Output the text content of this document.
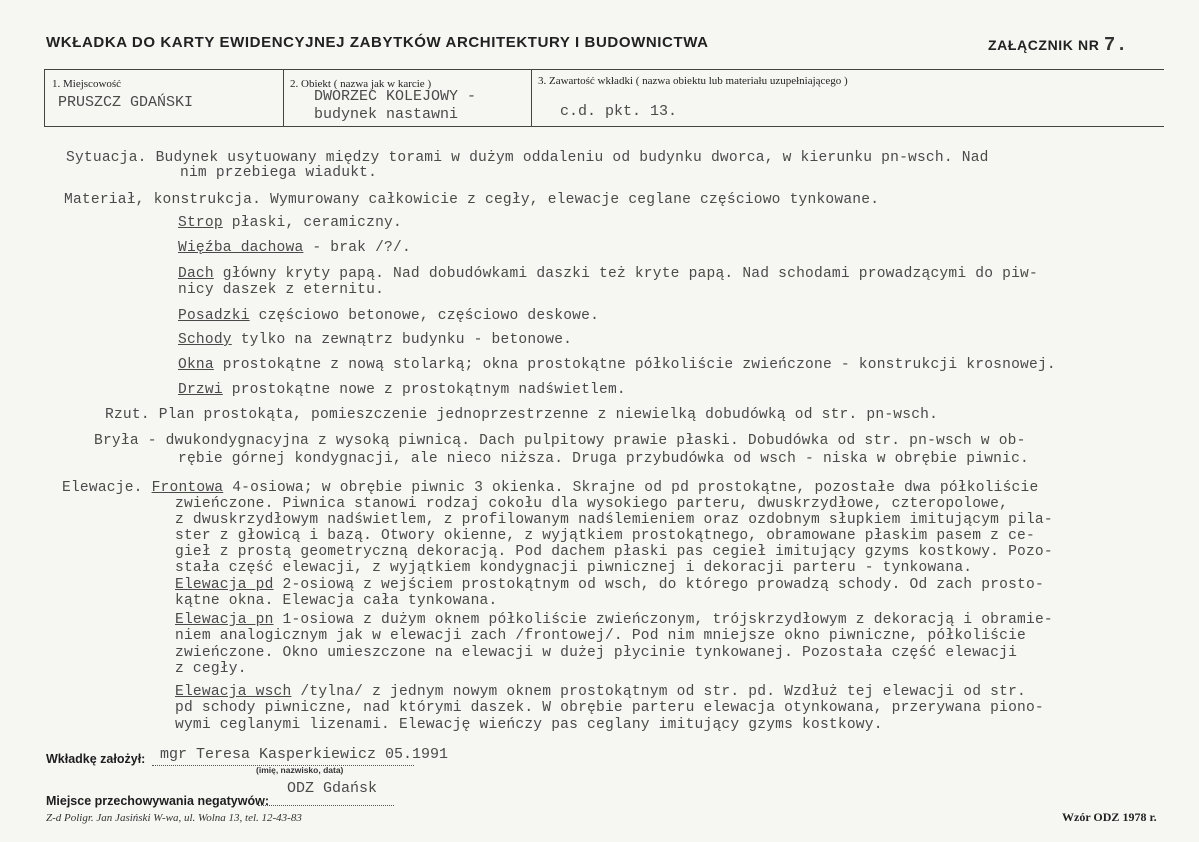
WKŁADKA DO KARTY EWIDENCYJNEJ ZABYTKÓW ARCHITEKTURY I BUDOWNICTWA	ZAŁĄCZNIK NR 7.
1. Miejscowość
PRUSZCZ GDAŃSKI
2. Obiekt ( nazwa jak w karcie )
DWORZEC KOLEJOWY -
budynek nastawni
3. Zawartość wkładki ( nazwa obiektu lub materiału uzupełniającego )
c.d. pkt. 13.
Sytuacja. Budynek usytuowany między torami w dużym oddaleniu od budynku dworca, w kierunku pn-wsch. Nad
nim przebiega wiadukt.
Materiał, konstrukcja. Wymurowany całkowicie z cegły, elewacje ceglane częściowo tynkowane.
Strop płaski, ceramiczny.
Więźba dachowa - brak /?/.
Dach główny kryty papą. Nad dobudówkami daszki też kryte papą. Nad schodami prowadzącymi do piw-
nicy daszek z eternitu.
Posadzki częściowo betonowe, częściowo deskowe.
Schody tylko na zewnątrz budynku - betonowe.
Okna prostokątne z nową stolarką; okna prostokątne półkoliście zwieńczone - konstrukcji krosnowej.
Drzwi prostokątne nowe z prostokątnym nadświetlem.
Rzut. Plan prostokąta, pomieszczenie jednoprzestrzenne z niewielką dobudówką od str. pn-wsch.
Bryła - dwukondygnacyjna z wysoką piwnicą. Dach pulpitowy prawie płaski. Dobudówka od str. pn-wsch w ob-
rębie górnej kondygnacji, ale nieco niższa. Druga przybudówka od wsch - niska w obrębie piwnic.
Elewacje. Frontowa 4-osiowa; w obrębie piwnic 3 okienka. Skrajne od pd prostokątne, pozostałe dwa półkoliście
zwieńczone. Piwnica stanowi rodzaj cokołu dla wysokiego parteru, dwuskrzydłowe, czteropolowe,
z dwuskrzydłowym nadświetlem, z profilowanym nadślemieniem oraz ozdobnym słupkiem imitującym pila-
ster z głowicą i bazą. Otwory okienne, z wyjątkiem prostokątnego, obramowane płaskim pasem z ce-
gieł z prostą geometryczną dekoracją. Pod dachem płaski pas cegieł imitujący gzyms kostkowy. Pozo-
stała część elewacji, z wyjątkiem kondygnacji piwnicznej i dekoracji parteru - tynkowana.
Elewacja pd 2-osiową z wejściem prostokątnym od wsch, do którego prowadzą schody. Od zach prosto-
kątne okna. Elewacja cała tynkowana.
Elewacja pn 1-osiowa z dużym oknem półkoliście zwieńczonym, trójskrzydłowym z dekoracją i obramie-
niem analogicznym jak w elewacji zach /frontowej/. Pod nim mniejsze okno piwniczne, półkoliście
zwieńczone. Okno umieszczone na elewacji w dużej płycinie tynkowanej. Pozostała część elewacji
z cegły.
Elewacja wsch /tylna/ z jednym nowym oknem prostokątnym od str. pd. Wzdłuż tej elewacji od str.
pd schody piwniczne, nad którymi daszek. W obrębie parteru elewacja otynkowana, przerywana piono-
wymi ceglanymi lizenami. Elewację wieńczy pas ceglany imitujący gzyms kostkowy.
Wkładkę założył: mgr Teresa Kasperkiewicz 05.1991
(imię, nazwisko, data)
Miejsce przechowywania negatywów:
ODZ Gdańsk
Z-d Poligr. Jan Jasiński W-wa, ul. Wolna 13, tel. 12-43-83	Wzór ODZ 1978 r.
